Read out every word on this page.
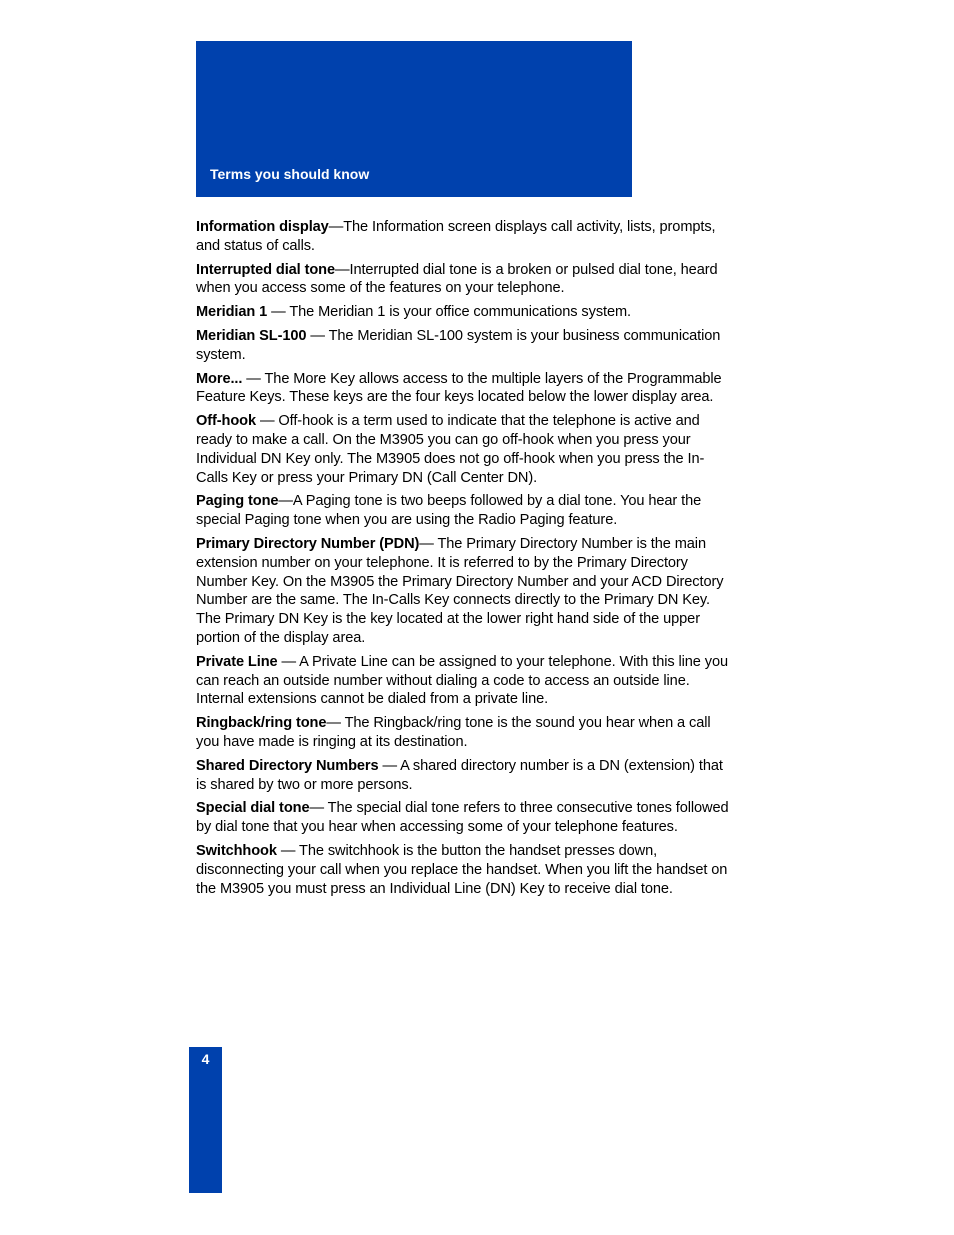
Terms you should know

Information display—The Information screen displays call activity, lists, prompts, and status of calls.

Interrupted dial tone—Interrupted dial tone is a broken or pulsed dial tone, heard when you access some of the features on your telephone.

Meridian 1 — The Meridian 1 is your office communications system.

Meridian SL-100 — The Meridian SL-100 system is your business communication system.

More... — The More Key allows access to the multiple layers of the Programmable Feature Keys. These keys are the four keys located below the lower display area.

Off-hook — Off-hook is a term used to indicate that the telephone is active and ready to make a call. On the M3905 you can go off-hook when you press your Individual DN Key only. The M3905 does not go off-hook when you press the In-Calls Key or press your Primary DN (Call Center DN).

Paging tone—A Paging tone is two beeps followed by a dial tone. You hear the special Paging tone when you are using the Radio Paging feature.

Primary Directory Number (PDN)— The Primary Directory Number is the main extension number on your telephone. It is referred to by the Primary Directory Number Key. On the M3905 the Primary Directory Number and your ACD Directory Number are the same. The In-Calls Key connects directly to the Primary DN Key. The Primary DN Key is the key located at the lower right hand side of the upper portion of the display area.

Private Line — A Private Line can be assigned to your telephone. With this line you can reach an outside number without dialing a code to access an outside line. Internal extensions cannot be dialed from a private line.

Ringback/ring tone— The Ringback/ring tone is the sound you hear when a call you have made is ringing at its destination.

Shared Directory Numbers — A shared directory number is a DN (extension) that is shared by two or more persons.

Special dial tone— The special dial tone refers to three consecutive tones followed by dial tone that you hear when accessing some of your telephone features.

Switchhook — The switchhook is the button the handset presses down, disconnecting your call when you replace the handset. When you lift the handset on the M3905 you must press an Individual Line (DN) Key to receive dial tone.

4
